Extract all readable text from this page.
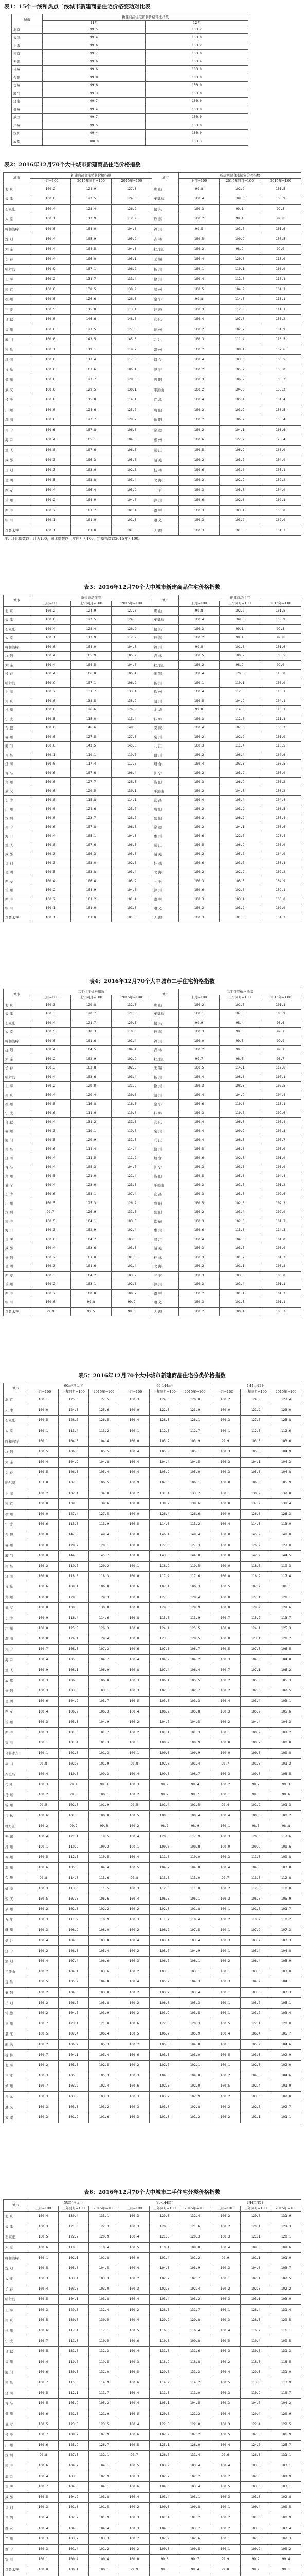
表1：15个一线和热点二线城市新建商品住宅价格变动对比表
城市	新建商品住宅销售价格环比指数	
	11月	12月
北京	99.5	100.2
天津	99.4	100.0
上海	99.6	100.2
南京	99.7	100.0
无锡	99.6	100.4
杭州	99.6	100.0
合肥	99.8	100.0
福州	99.6	100.0
厦门	99.3	100.0
济南	99.7	100.0
郑州	99.4	100.0
武汉	99.7	100.0
广州	99.5	100.0
深圳	99.4	100.0
成都	100.0	100.3
表2：2016年12月70个大中城市新建商品住宅价格指数
城市	新建商品住宅销售价格指数			城市	新建商品住宅销售价格指数		
	上月=100	2015年同月=100	2015年=100		上月=100	2015年同月=100	2015年=100
北 京	100.2	124.9	127.3	唐 山	99.8	102.2	101.5
天 津	100.0	122.5	124.3	秦皇岛	100.4	109.5	108.9
石家庄	100.4	128.4	126.2	包 头	100.3	99.1	99.5
太 原	100.1	112.9	112.9	丹 东	100.2	99.4	99.8
呼和浩特	100.0	104.0	104.0	锦 州	99.5	101.6	101.6
沈 阳	100.4	105.9	105.2	吉 林	100.5	100.9	100.5
大 连	100.4	104.5	104.6	牡丹江	100.2	98.9	99.0
长 春	100.4	106.0	105.1	无 锡	100.4	120.5	118.0
哈尔滨	100.9	107.1	106.2	扬 州	100.1	110.1	108.9
上 海	100.2	131.7	133.4	徐 州	100.4	112.0	110.1
南 京	100.0	138.5	138.9	温 州	100.5	104.9	104.1
杭 州	100.0	126.6	126.8	金 华	99.8	114.0	113.1
宁 波	100.5	115.0	113.4	蚌 埠	100.3	112.8	111.1
合 肥	100.0	146.6	148.6	安 庆	100.4	107.0	106.2
福 州	100.0	127.5	127.5	泉 州	100.2	102.2	101.9
厦 门	100.0	143.5	145.0	九 江	100.3	111.4	110.5
南 昌	100.1	119.1	119.7	赣 州	100.2	108.4	107.6
济 南	100.0	117.4	117.8	烟 台	100.4	103.6	103.5
青 岛	100.6	107.6	106.4	济 宁	100.2	105.9	105.0
郑 州	100.0	127.7	128.6	洛 阳	100.3	106.9	106.2
武 汉	100.0	129.5	130.1	平顶山	100.2	104.0	103.2
长 沙	100.8	115.8	114.1	宜 昌	100.4	105.4	104.4
广 州	100.0	124.6	125.7	襄 阳	100.2	103.9	103.5
深 圳	100.0	123.7	128.7	岳 阳	100.2	106.2	105.4
南 宁	100.6	107.8	106.8	常 德	100.2	104.1	103.6
海 口	100.4	105.1	104.3	惠 州	100.6	122.7	120.4
重 庆	100.8	107.6	106.5	湛 江	100.5	106.9	106.0
成 都	100.3	106.3	105.6	韶 关	100.2	105.7	104.9
贵 阳	100.3	103.0	102.8	桂 林	100.6	103.7	103.1
昆 明	100.5	103.8	103.4	北 海	100.2	102.9	102.2
西 安	100.4	106.4	105.9	三 亚	100.3	105.0	104.9
兰 州	100.2	104.9	104.6	泸 州	100.6	102.8	102.1
西 宁	100.2	101.2	101.4	南 充	100.3	103.4	103.0
银 川	100.1	101.0	101.0	遵 义	100.3	103.2	102.9
乌鲁木齐	100.1	101.0	101.0	大 理	100.3	101.5	101.3
注：环比指数以上月为100，同比指数以上年同月为100，定基指数以2015年为100。
表3：2016年12月70个大中城市新建商品住宅价格指数
城市	新建商品住宅			城市	新建商品住宅		
	上月=100	上年同月=100	2015年=100		上月=100	上年同月=100	2015年=100
北 京	100.2	124.9	127.3	唐 山	99.8	102.2	101.5
天 津	100.0	122.5	124.3	秦皇岛	100.4	109.5	108.9
石家庄	100.4	128.4	126.2	包 头	100.3	99.1	99.5
太 原	100.1	112.9	112.9	丹 东	100.2	99.4	99.8
呼和浩特	100.0	104.0	104.0	锦 州	99.5	101.6	101.6
沈 阳	100.4	105.9	105.2	吉 林	100.5	100.9	100.5
大 连	100.4	104.5	104.6	牡丹江	100.2	98.9	99.0
长 春	100.4	106.0	105.1	无 锡	100.4	120.5	118.0
哈尔滨	100.9	107.1	106.2	扬 州	100.1	110.1	108.9
上 海	100.2	131.7	133.4	徐 州	100.4	112.0	110.1
南 京	100.0	138.5	138.9	温 州	100.5	104.9	104.1
杭 州	100.0	126.6	126.8	金 华	99.8	114.0	113.1
宁 波	100.5	115.0	113.4	蚌 埠	100.3	112.8	111.1
合 肥	100.0	146.6	148.6	安 庆	100.4	107.0	106.2
福 州	100.0	127.5	127.5	泉 州	100.2	102.2	101.9
厦 门	100.0	143.5	145.0	九 江	100.3	111.4	110.5
南 昌	100.1	119.1	119.7	赣 州	100.2	108.4	107.6
济 南	100.0	117.4	117.8	烟 台	100.4	103.6	103.5
青 岛	100.6	107.6	106.4	济 宁	100.2	105.9	105.0
郑 州	100.0	127.7	128.6	洛 阳	100.3	106.9	106.2
武 汉	100.0	129.5	130.1	平顶山	100.2	104.0	103.2
长 沙	100.8	115.8	114.1	宜 昌	100.4	105.4	104.4
广 州	100.0	124.6	125.7	襄 阳	100.2	103.9	103.5
深 圳	100.0	123.7	128.7	岳 阳	100.2	106.2	105.4
南 宁	100.6	107.8	106.8	常 德	100.2	104.1	103.6
海 口	100.4	105.1	104.3	惠 州	100.6	122.7	120.4
重 庆	100.8	107.6	106.5	湛 江	100.5	106.9	106.0
成 都	100.3	106.3	105.6	韶 关	100.2	105.7	104.9
贵 阳	100.3	103.0	102.8	桂 林	100.6	103.7	103.1
昆 明	100.5	103.8	103.4	北 海	100.2	102.9	102.2
西 安	100.4	106.4	105.9	三 亚	100.3	105.0	104.9
兰 州	100.2	104.9	104.6	泸 州	100.6	102.8	102.1
西 宁	100.2	101.2	101.4	南 充	100.3	103.4	103.0
银 川	100.1	101.0	101.0	遵 义	100.3	103.2	102.9
乌鲁木齐	100.1	101.0	101.0	大 理	100.3	101.5	101.3
表4：2016年12月70个大中城市二手住宅价格指数
城市	二手住宅价格指数			城市	二手住宅价格指数		
	上月=100	上年同月=100	2015年=100		上月=100	上年同月=100	2015年=100
北 京	100.3	129.8	132.6	唐 山	100.2	101.6	101.1
天 津	100.3	120.7	121.8	秦皇岛	100.1	107.0	106.9
石家庄	100.4	121.7	120.5	包 头	99.9	98.4	98.6
太 原	100.5	110.3	110.0	丹 东	100.3	99.3	99.7
呼和浩特	100.0	101.6	101.4	锦 州	100.0	99.8	99.9
沈 阳	100.4	104.5	104.1	吉 林	100.2	99.8	99.7
大 连	100.2	102.9	102.9	牡丹江	99.7	98.5	98.7
长 春	100.3	102.8	102.6	无 锡	100.5	114.1	112.6
哈尔滨	100.4	103.6	103.4	扬 州	100.4	108.0	107.1
上 海	100.2	129.0	131.9	徐 州	100.3	108.5	107.5
南 京	100.4	129.4	130.0	温 州	100.4	104.9	104.4
杭 州	100.5	116.8	116.6	金 华	100.6	110.8	110.1
宁 波	100.6	111.0	110.0	蚌 埠	100.3	110.6	109.6
合 肥	100.4	131.2	131.8	安 庆	100.4	106.0	105.4
福 州	100.3	119.1	119.0	泉 州	100.4	100.9	100.8
厦 门	100.5	129.9	131.5	九 江	100.4	108.5	107.7
南 昌	100.6	114.4	114.4	赣 州	100.5	105.8	105.0
济 南	100.4	111.5	111.2	烟 台	100.6	102.0	101.9
青 岛	100.4	105.3	104.7	济 宁	100.3	103.6	103.0
郑 州	100.5	121.0	121.4	洛 阳	100.5	105.0	104.4
武 汉	100.4	123.0	123.0	平顶山	100.3	101.6	101.2
长 沙	100.6	108.1	107.4	宜 昌	100.3	103.0	102.6
广 州	100.5	125.3	126.2	襄 阳	100.5	102.6	102.3
深 圳	99.7	126.9	131.6	岳 阳	100.2	103.4	102.9
南 宁	100.5	104.1	103.6	常 德	100.3	102.0	101.7
海 口	100.3	102.9	102.4	惠 州	100.6	115.6	114.3
重 庆	100.6	104.2	103.6	湛 江	100.4	104.6	104.0
成 都	100.4	103.6	103.3	韶 关	100.3	103.6	103.0
贵 阳	100.2	101.0	101.0	桂 林	100.3	101.7	101.3
昆 明	100.3	101.6	101.4	北 海	100.2	101.1	100.8
西 安	100.3	104.2	103.9	三 亚	100.3	103.3	103.0
兰 州	100.2	103.1	102.8	泸 州	100.3	101.4	101.1
西 宁	100.2	100.8	100.7	南 充	100.2	101.4	101.2
银 川	100.0	99.8	99.9	遵 义	100.3	101.5	101.1
乌鲁木齐	99.9	99.5	99.6	大 理	100.2	100.4	100.3
表5：2016年12月70个大中城市新建商品住宅分类价格指数
城市	90m²及以下			90-144m²			144m²以上		
	上月=100	上年同月=100	2015年=100	上月=100	上年同月=100	2015年=100	上月=100	上年同月=100	2015年=100
北 京	100.1	125.3	127.5	100.3	124.3	126.8	100.2	124.8	127.4
天 津	100.0	124.0	125.6	100.0	122.0	123.9	100.0	121.2	123.0
石家庄	100.5	128.7	126.5	100.4	128.3	126.1	100.3	127.8	125.8
太 原	100.1	113.4	113.2	100.1	112.6	112.7	100.1	112.5	112.6
呼和浩特	100.1	104.6	104.4	100.0	103.9	103.9	99.9	103.5	103.6
沈 阳	100.5	106.3	105.5	100.4	105.8	105.1	100.3	105.5	104.9
大 连	100.4	104.9	104.8	100.4	104.4	104.5	100.3	104.1	104.3
长 春	100.5	106.3	105.4	100.4	105.9	105.0	100.3	105.6	104.8
哈尔滨	101.0	107.6	106.5	100.9	107.0	106.1	100.8	106.6	105.9
上 海	100.2	132.4	134.0	100.2	131.4	133.2	100.1	130.9	132.8
南 京	100.0	139.3	139.6	100.0	138.2	138.6	100.0	137.9	138.4
杭 州	100.0	127.4	127.5	100.0	126.4	126.6	100.0	126.0	126.3
宁 波	100.6	115.6	113.9	100.5	114.8	113.2	100.4	114.5	113.0
合 肥	100.0	147.5	149.4	100.0	146.4	148.4	100.0	145.9	148.0
福 州	100.0	128.2	128.1	100.0	127.3	127.3	100.0	126.9	127.0
厦 门	100.0	144.3	145.7	100.0	143.3	144.8	100.0	142.9	144.5
南 昌	100.2	119.7	120.2	100.1	118.9	119.5	100.0	118.6	119.3
济 南	100.0	118.0	118.3	100.0	117.2	117.6	100.0	116.9	117.4
青 岛	100.6	108.1	106.8	100.6	107.4	106.3	100.5	107.2	106.1
郑 州	100.0	128.5	129.3	100.0	127.5	128.4	100.0	127.1	128.1
武 汉	100.0	130.3	130.8	100.0	129.3	129.9	100.0	128.9	129.6
长 沙	100.9	116.4	114.6	100.8	115.6	113.9	100.7	115.2	113.7
广 州	100.0	125.3	126.3	100.0	124.4	125.5	100.0	124.1	125.3
深 圳	100.0	124.4	129.4	100.0	123.5	128.5	100.0	123.1	128.2
南 宁	100.7	108.3	107.2	100.6	107.6	106.7	100.5	107.3	106.5
海 口	100.4	105.6	104.7	100.4	104.9	104.2	100.3	104.6	104.0
重 庆	100.9	108.1	106.9	100.8	107.4	106.4	100.7	107.1	106.2
成 都	100.3	106.8	106.0	100.3	106.1	105.5	100.2	105.8	105.3
贵 阳	100.3	103.5	103.1	100.3	102.8	102.7	100.2	102.6	102.5
昆 明	100.6	104.2	103.7	100.5	103.6	103.3	100.4	103.4	103.1
西 安	100.4	106.9	106.3	100.4	106.2	105.8	100.3	105.9	105.6
兰 州	100.3	105.3	104.9	100.2	104.7	104.5	100.2	104.4	104.3
西 宁	100.3	101.6	101.7	100.2	101.1	101.3	100.1	100.9	101.2
银 川	100.1	101.4	101.3	100.1	100.9	100.9	100.0	100.7	100.8
乌鲁木齐	100.1	101.3	101.3	100.1	100.8	100.9	100.0	100.6	100.8
唐 山	99.8	102.6	101.9	99.8	102.0	101.4	99.7	101.8	101.2
秦皇岛	100.4	110.0	109.3	100.4	109.3	108.7	100.3	109.0	108.5
包 头	100.3	99.4	99.8	100.3	98.9	99.4	100.2	98.7	99.3
丹 东	100.2	99.8	100.1	100.2	99.2	99.7	100.1	99.0	99.6
锦 州	99.5	102.0	101.9	99.5	101.4	101.5	99.4	101.2	101.3
吉 林	100.6	101.3	100.8	100.5	100.8	100.4	100.4	100.5	100.2
牡丹江	100.2	99.2	99.3	100.2	98.7	98.9	100.1	98.5	98.8
无 锡	100.4	121.1	118.5	100.4	120.3	117.9	100.3	120.0	117.6
扬 州	100.1	110.6	109.3	100.1	109.9	108.8	100.0	109.6	108.6
徐 州	100.5	112.5	110.5	100.4	111.8	110.0	100.3	111.5	109.8
温 州	100.6	105.3	104.4	100.5	104.7	104.0	100.4	104.5	103.8
金 华	99.8	114.6	113.6	99.8	113.8	113.0	99.7	113.5	112.8
蚌 埠	100.3	113.3	111.5	100.3	112.6	111.0	100.2	112.3	110.8
安 庆	100.5	107.5	106.6	100.4	106.8	106.1	100.3	106.5	105.9
泉 州	100.2	102.6	102.2	100.2	102.0	101.8	100.1	101.8	101.7
九 江	100.3	111.9	110.9	100.3	111.2	110.4	100.2	110.9	110.2
赣 州	100.3	108.9	108.0	100.2	108.2	107.5	100.1	107.9	107.3
烟 台	100.4	104.0	103.8	100.4	103.4	103.4	100.3	103.2	103.3
济 宁	100.2	106.3	105.4	100.2	105.7	104.9	100.1	105.4	104.8
洛 阳	100.4	107.4	106.6	100.3	106.7	106.1	100.2	106.4	105.9
平顶山	100.2	104.4	103.6	100.2	103.8	103.1	100.1	103.6	103.0
宜 昌	100.5	105.9	104.8	100.4	105.2	104.3	100.3	104.9	104.1
襄 阳	100.2	104.3	103.8	100.2	103.7	103.4	100.1	103.5	103.3
岳 阳	100.2	106.7	105.8	100.2	106.0	105.3	100.1	105.7	105.1
常 德	100.2	104.5	103.9	100.2	103.9	103.5	100.1	103.7	103.4
惠 州	100.7	123.4	121.0	100.6	122.5	120.3	100.5	122.1	120.0
湛 江	100.5	107.4	106.4	100.5	106.7	105.9	100.4	106.4	105.7
韶 关	100.2	106.2	105.3	100.2	105.5	104.8	100.1	105.2	104.6
桂 林	100.7	104.1	103.4	100.6	103.5	103.0	100.5	103.3	102.9
北 海	100.2	103.3	102.5	100.2	102.7	102.1	100.1	102.5	102.0
三 亚	100.3	105.5	105.3	100.3	104.8	104.8	100.2	104.5	104.6
泸 州	100.7	103.2	102.4	100.6	102.6	102.0	100.5	102.4	101.9
南 充	100.3	103.8	103.3	100.3	103.2	102.9	100.2	103.0	102.8
遵 义	100.3	103.6	103.2	100.3	103.0	102.8	100.2	102.8	102.7
大 理	100.3	101.9	101.6	100.3	101.3	101.2	100.2	101.1	101.1
表6：2016年12月70个大中城市二手住宅分类价格指数
城市	90m²及以下			90-144m²			144m²以上		
	上月=100	上年同月=100	2015年=100	上月=100	上年同月=100	2015年=100	上月=100	上年同月=100	2015年=100
北 京	100.4	130.4	133.1	100.3	129.6	132.4	100.2	129.0	131.9
天 津	100.3	121.3	122.3	100.3	120.5	121.6	100.2	120.1	121.3
石家庄	100.5	122.2	120.9	100.4	121.5	120.3	100.3	121.1	120.1
太 原	100.6	110.8	110.4	100.5	110.1	109.8	100.4	109.8	109.6
呼和浩特	100.1	102.1	101.8	100.0	101.4	101.2	99.9	101.1	101.0
沈 阳	100.5	105.0	104.5	100.4	104.3	103.9	100.3	104.0	103.7
大 连	100.3	103.4	103.3	100.2	102.7	102.7	100.1	102.4	102.5
长 春	100.4	103.3	103.0	100.3	102.6	102.4	100.2	102.3	102.2
哈尔滨	100.5	104.1	103.8	100.4	103.4	103.2	100.3	103.1	103.0
上 海	100.3	129.6	132.4	100.2	128.8	131.7	100.1	128.4	131.4
南 京	100.5	130.0	130.5	100.4	129.2	129.8	100.3	128.8	129.5
杭 州	100.6	117.4	117.1	100.5	116.6	116.4	100.4	116.2	116.1
宁 波	100.7	111.6	110.5	100.6	110.8	109.8	100.5	110.4	109.5
合 肥	100.5	131.8	132.3	100.4	131.0	131.6	100.3	130.6	131.3
福 州	100.4	119.7	119.5	100.3	118.9	118.8	100.2	118.5	118.5
厦 门	100.6	130.5	132.0	100.5	129.7	131.3	100.4	129.3	131.0
南 昌	100.7	115.0	114.9	100.6	114.2	114.2	100.5	113.8	113.9
济 南	100.5	112.1	111.7	100.4	111.3	111.0	100.3	110.9	110.7
青 岛	100.5	105.9	105.2	100.4	105.1	104.5	100.3	104.7	104.2
郑 州	100.6	121.6	121.9	100.5	120.8	121.2	100.4	120.4	120.9
武 汉	100.5	123.6	123.5	100.4	122.8	122.8	100.3	122.4	122.5
长 沙	100.7	108.7	107.9	100.6	107.9	107.2	100.5	107.5	106.9
广 州	100.6	125.9	126.7	100.5	125.1	126.0	100.4	124.7	125.7
深 圳	99.8	127.5	132.1	99.7	126.7	131.4	99.6	126.3	131.1
南 宁	100.6	104.7	104.1	100.5	103.9	103.4	100.4	103.5	103.1
海 口	100.4	103.5	102.9	100.3	102.7	102.2	100.2	102.3	101.9
重 庆	100.7	104.8	104.1	100.6	104.0	103.4	100.5	103.6	103.1
成 都	100.5	104.2	103.8	100.4	103.4	103.1	100.3	103.0	102.8
贵 阳	100.3	101.6	101.5	100.2	100.8	100.8	100.1	100.4	100.5
昆 明	100.4	102.2	101.9	100.3	101.4	101.2	100.2	101.0	100.9
西 安	100.4	104.8	104.4	100.3	104.0	103.7	100.2	103.6	103.4
兰 州	100.3	103.7	103.3	100.2	102.9	102.6	100.1	102.5	102.3
西 宁	100.3	101.4	101.2	100.2	100.6	100.5	100.1	100.2	100.2
银 川	100.1	100.4	100.4	100.0	99.6	99.7	99.9	99.2	99.4
乌鲁木齐	100.0	100.1	100.1	99.9	99.3	99.4	99.8	98.9	99.1
